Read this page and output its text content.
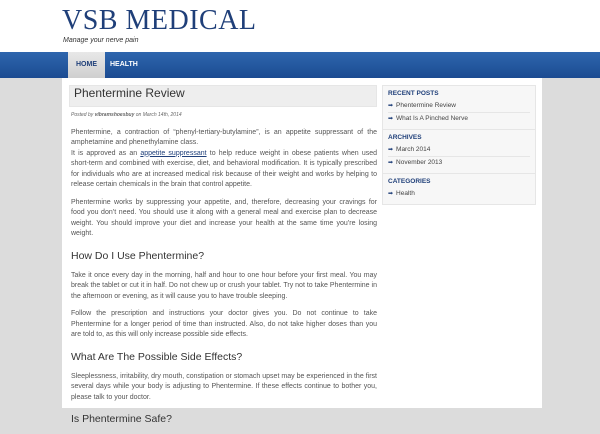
VSB MEDICAL
Manage your nerve pain
HOME	HEALTH
Phentermine Review
Posted by vibramshoesbuy on March 14th, 2014

Phentermine, a contraction of “phenyl-tertiary-butylamine”, is an appetite suppressant of the amphetamine and phenethylamine class.
It is approved as an appetite suppressant to help reduce weight in obese patients when used short-term and combined with exercise, diet, and behavioral modification. It is typically prescribed for individuals who are at increased medical risk because of their weight and works by helping to release certain chemicals in the brain that control appetite.

Phentermine works by suppressing your appetite, and, therefore, decreasing your cravings for food you don’t need. You should use it along with a general meal and exercise plan to decrease weight. You should improve your diet and increase your health at the same time you’re losing weight.

How Do I Use Phentermine?

Take it once every day in the morning, half and hour to one hour before your first meal. You may break the tablet or cut it in half. Do not chew up or crush your tablet. Try not to take Phentermine in the afternoon or evening, as it will cause you to have trouble sleeping.

Follow the prescription and instructions your doctor gives you. Do not continue to take Phentermine for a longer period of time than instructed. Also, do not take higher doses than you are told to, as this will only increase possible side effects.

What Are The Possible Side Effects?

Sleeplessness, irritability, dry mouth, constipation or stomach upset may be experienced in the first several days while your body is adjusting to Phentermine. If these effects continue to bother you, please talk to your doctor.

Is Phentermine Safe?
RECENT POSTS
➡ Phentermine Review
➡ What Is A Pinched Nerve
ARCHIVES
➡ March 2014
➡ November 2013
CATEGORIES
➡ Health
